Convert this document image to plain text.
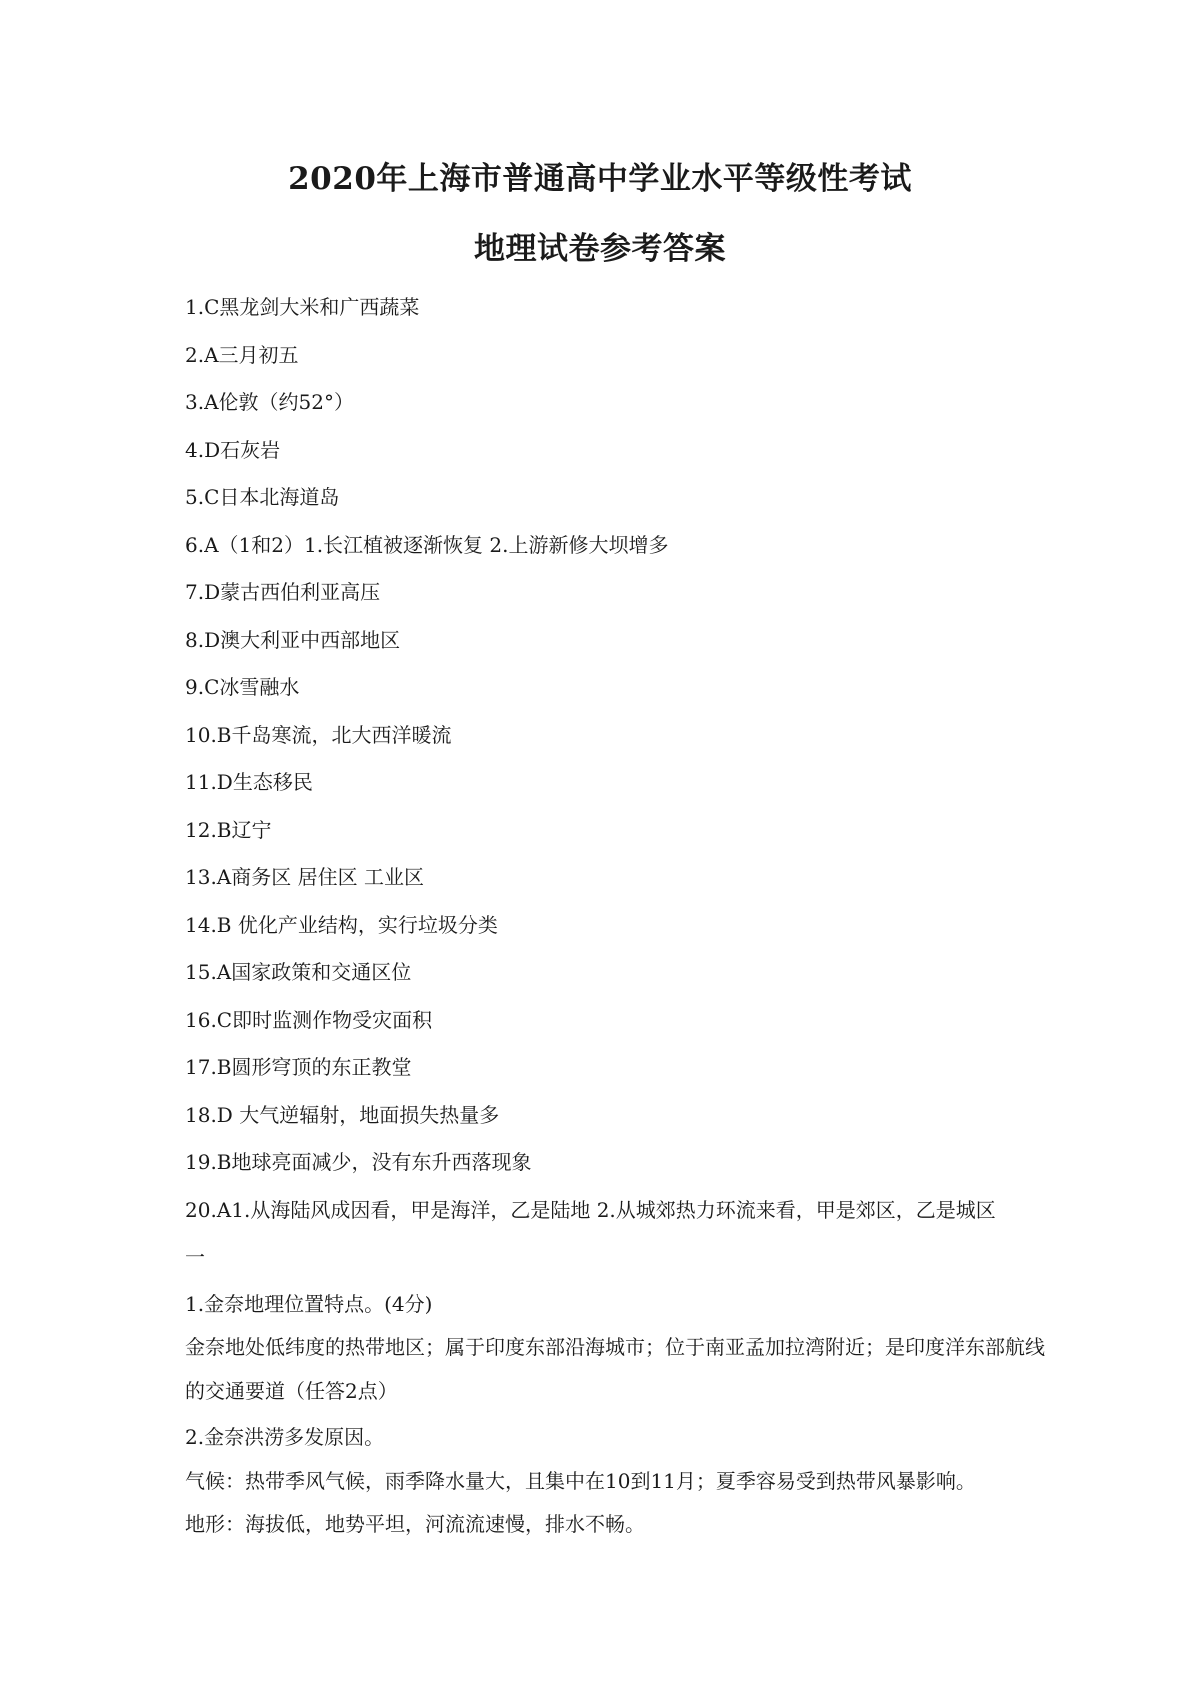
2020年上海市普通高中学业水平等级性考试
地理试卷参考答案
1.C黑龙剑大米和广西蔬菜
2.A三月初五
3.A伦敦（约52°）
4.D石灰岩
5.C日本北海道岛
6.A（1和2）1.长江植被逐渐恢复 2.上游新修大坝增多
7.D蒙古西伯利亚高压
8.D澳大利亚中西部地区
9.C冰雪融水
10.B千岛寒流，北大西洋暖流
11.D生态移民
12.B辽宁
13.A商务区 居住区 工业区
14.B 优化产业结构，实行垃圾分类
15.A国家政策和交通区位
16.C即时监测作物受灾面积
17.B圆形穹顶的东正教堂
18.D 大气逆辐射，地面损失热量多
19.B地球亮面减少，没有东升西落现象
20.A1.从海陆风成因看，甲是海洋，乙是陆地 2.从城郊热力环流来看，甲是郊区，乙是城区
一
1.金奈地理位置特点。(4分)
金奈地处低纬度的热带地区；属于印度东部沿海城市；位于南亚孟加拉湾附近；是印度洋东部航线的交通要道（任答2点）
2.金奈洪涝多发原因。
气候：热带季风气候，雨季降水量大，且集中在10到11月；夏季容易受到热带风暴影响。
地形：海拔低，地势平坦，河流流速慢，排水不畅。
